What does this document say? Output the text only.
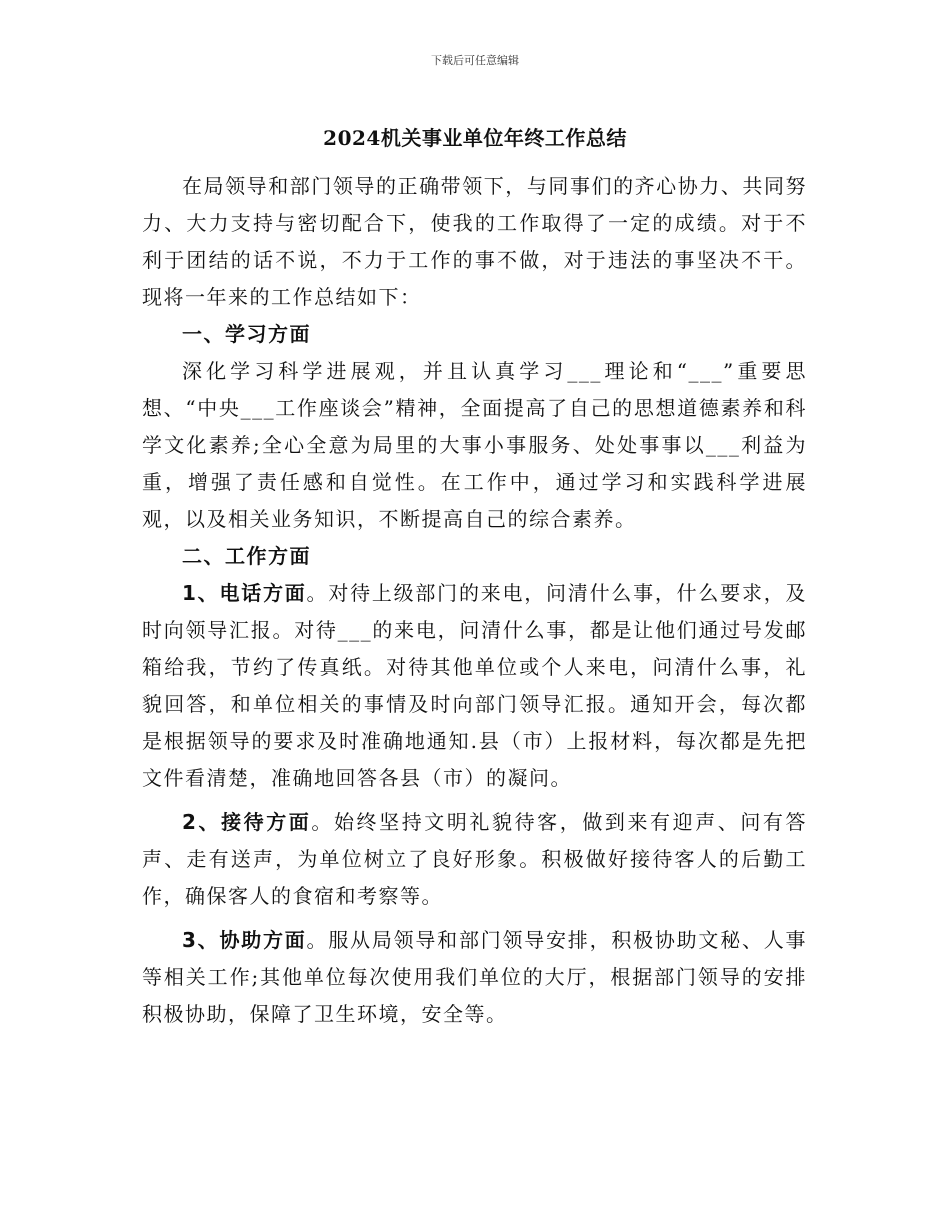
下载后可任意编辑
2024机关事业单位年终工作总结

在局领导和部门领导的正确带领下，与同事们的齐心协力、共同努力、大力支持与密切配合下，使我的工作取得了一定的成绩。对于不利于团结的话不说，不力于工作的事不做，对于违法的事坚决不干。现将一年来的工作总结如下：

一、学习方面

深化学习科学进展观，并且认真学习___理论和“___”重要思想、“中央___工作座谈会”精神，全面提高了自己的思想道德素养和科学文化素养;全心全意为局里的大事小事服务、处处事事以___利益为重，增强了责任感和自觉性。在工作中，通过学习和实践科学进展观，以及相关业务知识，不断提高自己的综合素养。

二、工作方面

1、电话方面。对待上级部门的来电，问清什么事，什么要求，及时向领导汇报。对待___的来电，问清什么事，都是让他们通过号发邮箱给我，节约了传真纸。对待其他单位或个人来电，问清什么事，礼貌回答，和单位相关的事情及时向部门领导汇报。通知开会，每次都是根据领导的要求及时准确地通知.县（市）上报材料，每次都是先把文件看清楚，准确地回答各县（市）的凝问。

2、接待方面。始终坚持文明礼貌待客，做到来有迎声、问有答声、走有送声，为单位树立了良好形象。积极做好接待客人的后勤工作，确保客人的食宿和考察等。

3、协助方面。服从局领导和部门领导安排，积极协助文秘、人事等相关工作;其他单位每次使用我们单位的大厅，根据部门领导的安排积极协助，保障了卫生环境，安全等。
